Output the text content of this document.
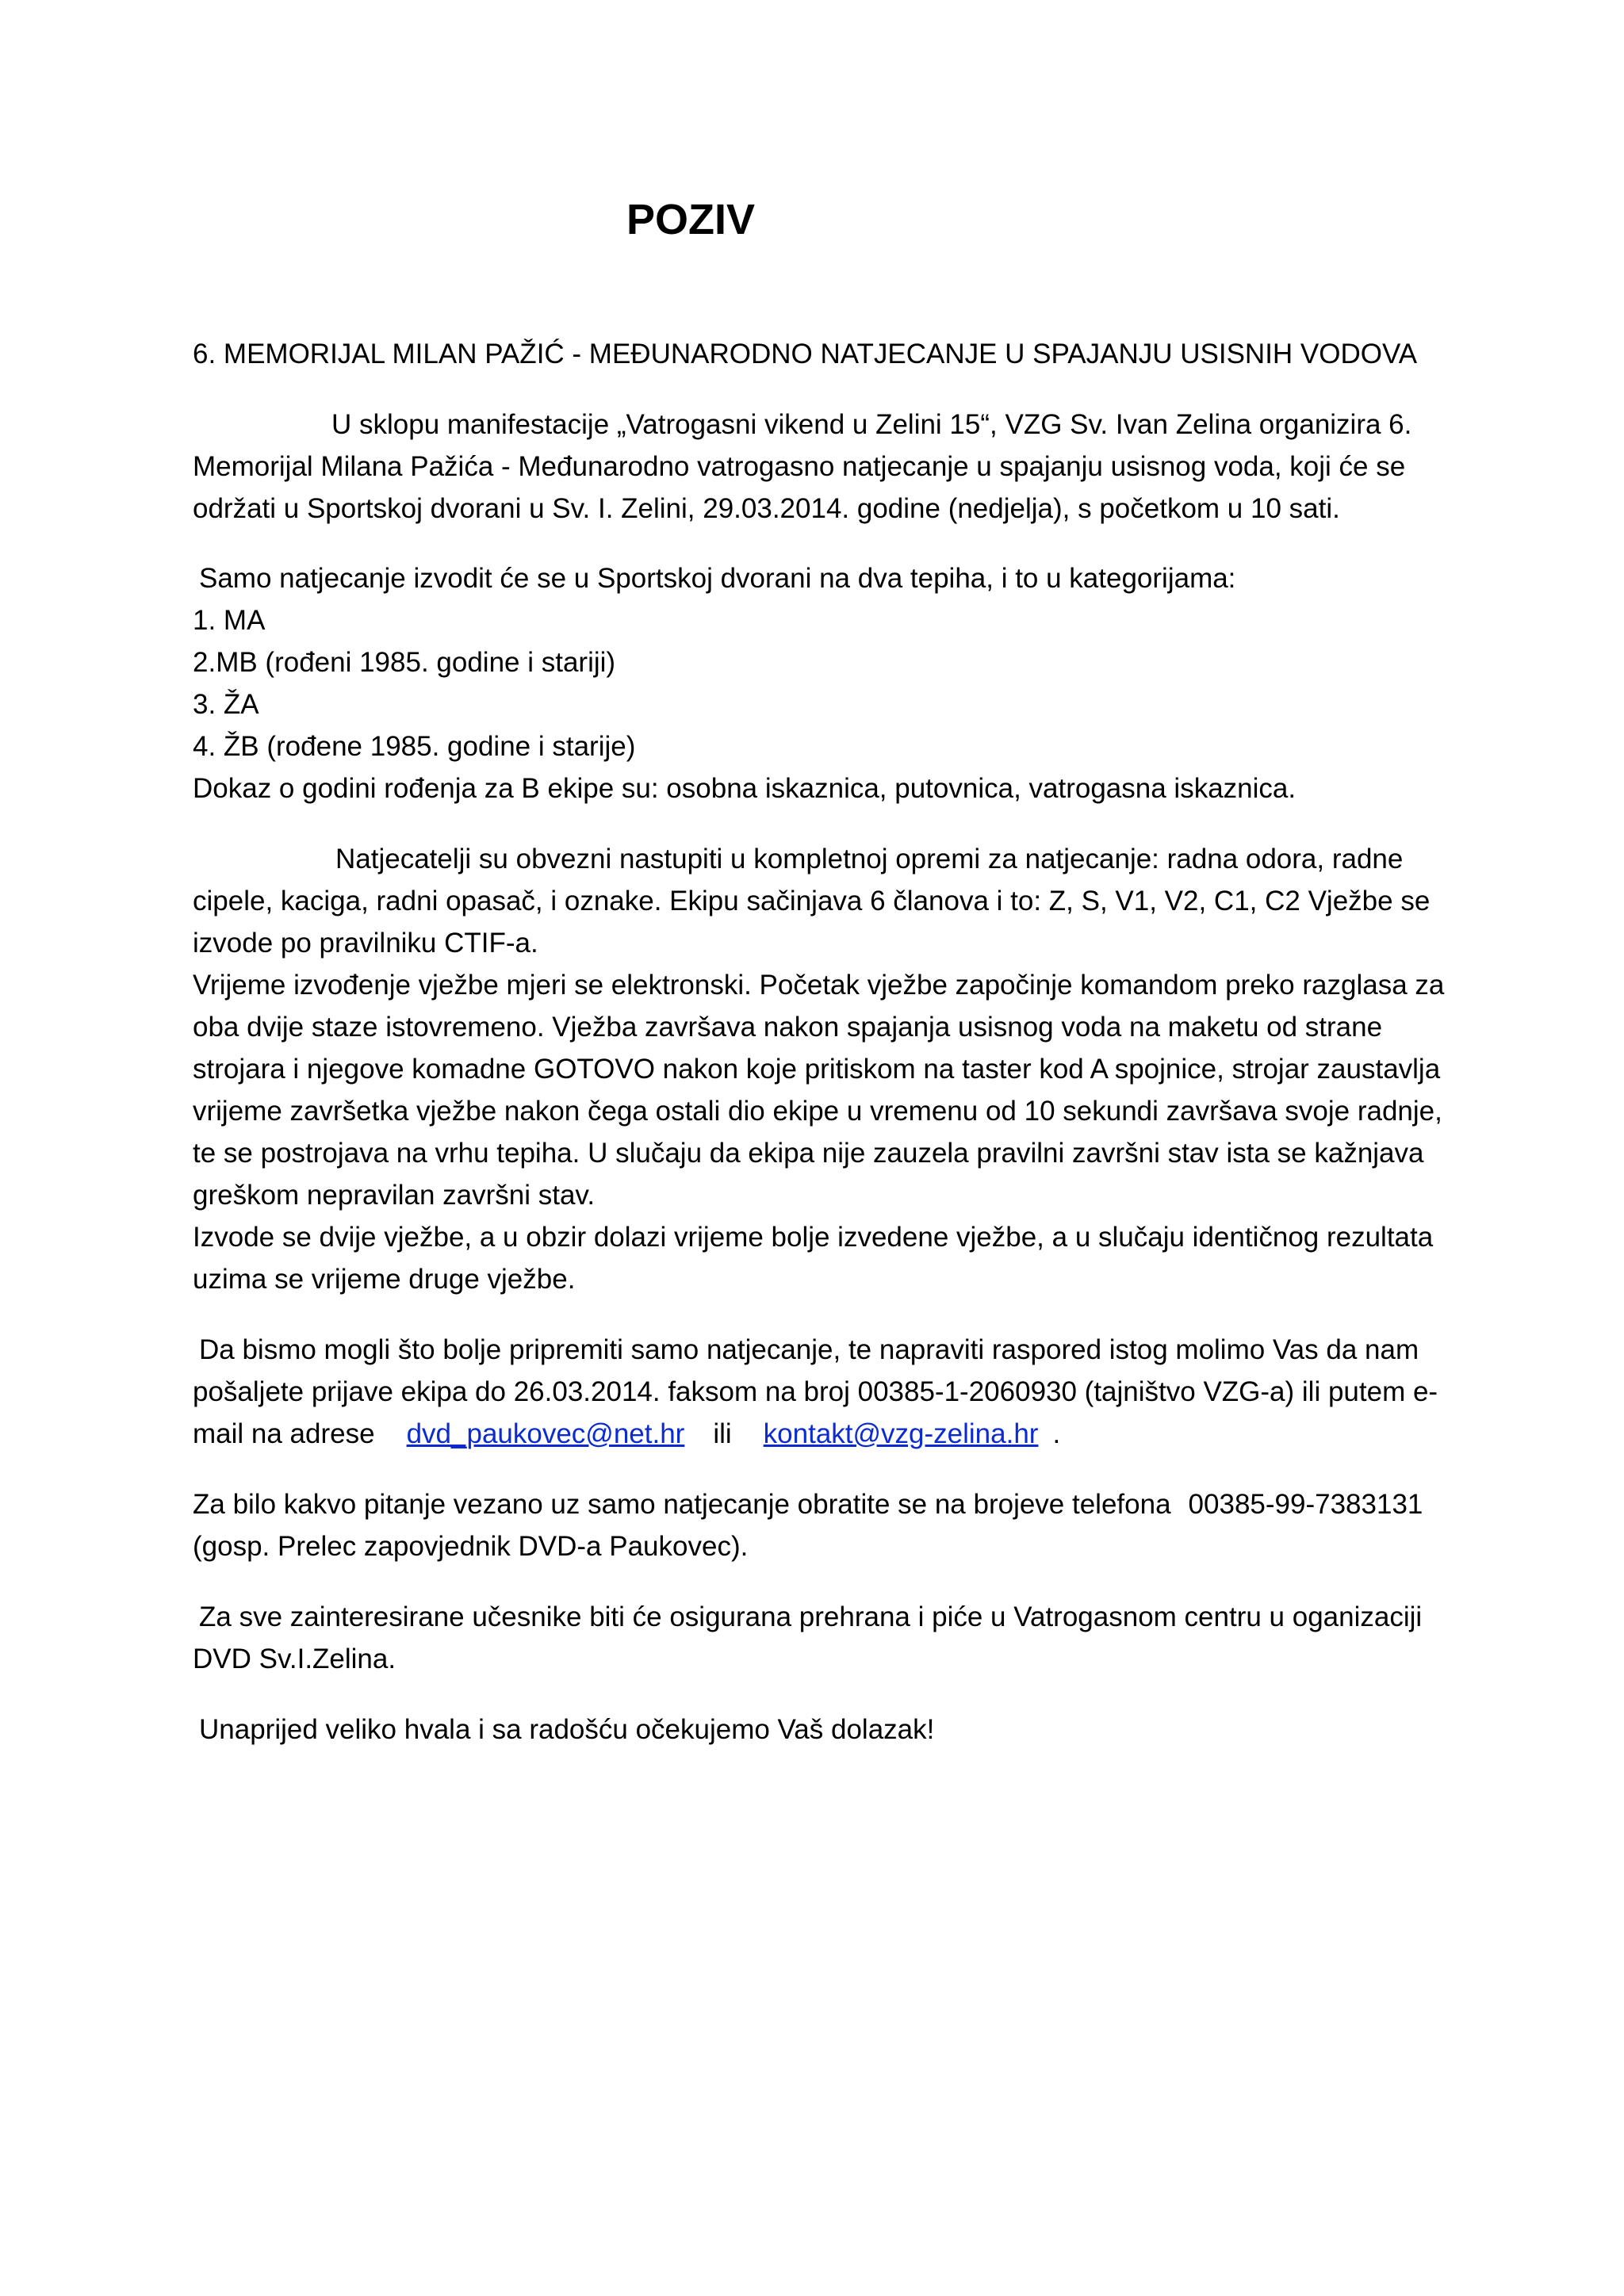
POZIV

6. MEMORIJAL MILAN PAŽIĆ - MEĐUNARODNO NATJECANJE U SPAJANJU USISNIH VODOVA

U sklopu manifestacije „Vatrogasni vikend u Zelini 15“, VZG Sv. Ivan Zelina organizira 6.

Memorijal Milana Pažića - Međunarodno vatrogasno natjecanje u spajanju usisnog voda, koji će se

održati u Sportskoj dvorani u Sv. I. Zelini, 29.03.2014. godine (nedjelja), s početkom u 10 sati.

Samo natjecanje izvodit će se u Sportskoj dvorani na dva tepiha, i to u kategorijama:

1. MA

2.MB (rođeni 1985. godine i stariji)

3. ŽA

4. ŽB (rođene 1985. godine i starije)

Dokaz o godini rođenja za B ekipe su: osobna iskaznica, putovnica, vatrogasna iskaznica.

Natjecatelji su obvezni nastupiti u kompletnoj opremi za natjecanje: radna odora, radne

cipele, kaciga, radni opasač, i oznake. Ekipu sačinjava 6 članova i to: Z, S, V1, V2, C1, C2 Vježbe se

izvode po pravilniku CTIF-a.

Vrijeme izvođenje vježbe mjeri se elektronski. Početak vježbe započinje komandom preko razglasa za

oba dvije staze istovremeno. Vježba završava nakon spajanja usisnog voda na maketu od strane

strojara i njegove komadne GOTOVO nakon koje pritiskom na taster kod A spojnice, strojar zaustavlja

vrijeme završetka vježbe nakon čega ostali dio ekipe u vremenu od 10 sekundi završava svoje radnje,

te se postrojava na vrhu tepiha. U slučaju da ekipa nije zauzela pravilni završni stav ista se kažnjava

greškom nepravilan završni stav.

Izvode se dvije vježbe, a u obzir dolazi vrijeme bolje izvedene vježbe, a u slučaju identičnog rezultata

uzima se vrijeme druge vježbe.

Da bismo mogli što bolje pripremiti samo natjecanje, te napraviti raspored istog molimo Vas da nam

pošaljete prijave ekipa do 26.03.2014. faksom na broj 00385-1-2060930 (tajništvo VZG-a) ili putem e-

mail na adrese dvd_paukovec@net.hr ili kontakt@vzg-zelina.hr .

Za bilo kakvo pitanje vezano uz samo natjecanje obratite se na brojeve telefona 00385-99-7383131

(gosp. Prelec zapovjednik DVD-a Paukovec).

Za sve zainteresirane učesnike biti će osigurana prehrana i piće u Vatrogasnom centru u oganizaciji

DVD Sv.I.Zelina.

Unaprijed veliko hvala i sa radošću očekujemo Vaš dolazak!
